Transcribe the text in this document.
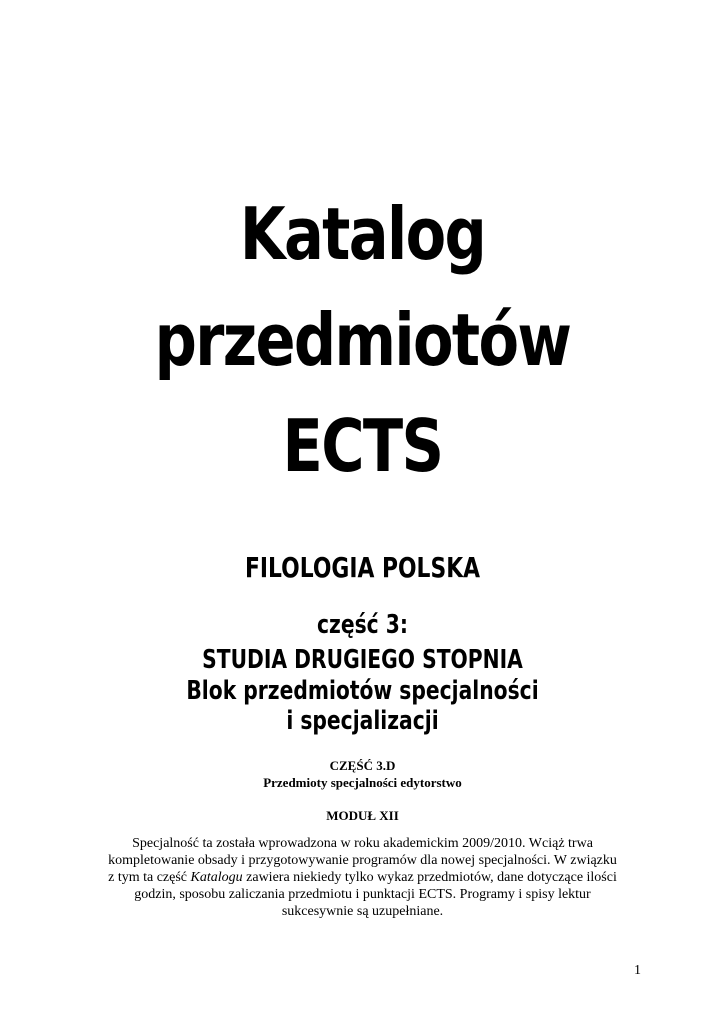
Katalog
przedmiotów
ECTS
FILOLOGIA POLSKA
część 3:
STUDIA DRUGIEGO STOPNIA
Blok przedmiotów specjalności
i specjalizacji
CZĘŚĆ 3.D
Przedmioty specjalności edytorstwo
MODUŁ XII
Specjalność ta została wprowadzona w roku akademickim 2009/2010. Wciąż trwa
kompletowanie obsady i przygotowywanie programów dla nowej specjalności. W związku
z tym ta część Katalogu zawiera niekiedy tylko wykaz przedmiotów, dane dotyczące ilości
godzin, sposobu zaliczania przedmiotu i punktacji ECTS. Programy i spisy lektur
sukcesywnie są uzupełniane.
1
